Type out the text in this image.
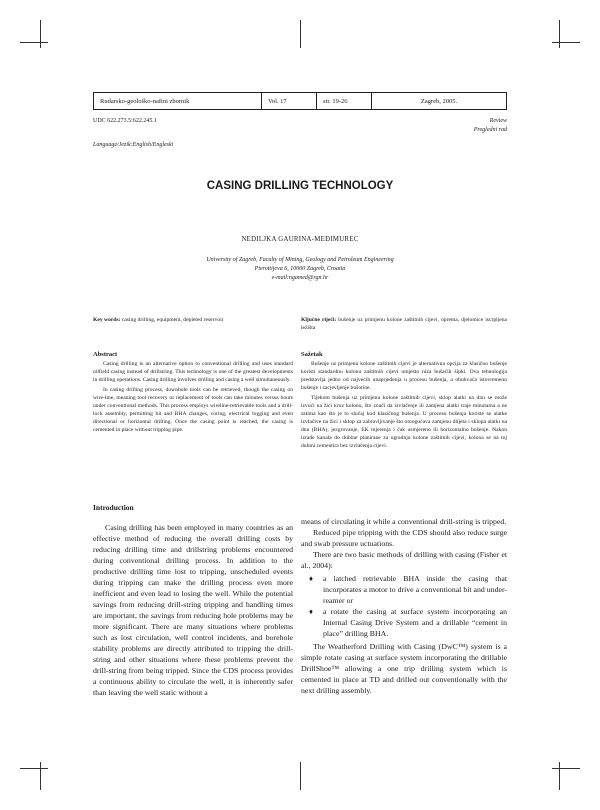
Rudarsko-geološko-naftni zbornik	Vol. 17	str. 19-26	Zagreb, 2005.
UDC 622.273.5:622.245.1	Review
Pregledni rad
Language/Jezik:English/Engleski
CASING DRILLING TECHNOLOGY
NEDILJKA GAURINA-MEĐIMUREC
University of Zagreb, Faculty of Mining, Geology and Petroleum Engineering
Pierottijeva 6, 10000 Zagreb, Croatia
e-mail:ngamed@rgn.hr
Key words: casing drilling, equipment, depleted reservoir	Ključne riječi: bušenje uz primjenu kolone zaštitnih cijevi, oprema, djelomice iscrpljena ležišta
Abstract

Casing drilling is an alternative option to conventional drilling and uses standard oilfield casing instead of drillstring. This technology is one of the greatest developments in drilling operations. Casing drilling involves drilling and casing a well simultaneously.

In casing drilling process, downhole tools can be retrieved, though the casing on wire-line, meaning tool recovery or replacement of tools can take minutes versus hours under conventional methods. This process employs wireline-retrievable tools and a drill-lock assembly, permitting bit and BHA changes, coring, electrical logging and even directional or horizontal drilling. Once the casing point is reached, the casing is cemented in place without tripping pipe.

Sažetak

Bušenje uz primjenu kolone zaštitnih cijevi je alternativna opcija za klasično bušenje koristi standardnu kolonu zaštitnih cijevi umjesto niza bušaćih šipki. Ova tehnologija predstavlja jedno od najvećih unaprjeđenja u procesu bušenja, a obuhvaća istovremeno bušenje i zacjevljenje bušotine.

Tijekom bušenja uz primjenu kolone zaštitnih cijevi, sklop alatki na dnu se može izvući na žici kroz kolonu, što znači da izvlačenje ili zamjena alatki traje minutama a ne satima kao što je to slučaj kod klasičnog bušenja. U procesu bušenja koriste se alatke izvlačive na žici i sklop za zabravljivanje što omogućava zamjenu dlijeta i sklopa alatki na dnu (BHA), jezgrovanje, EK mjerenja i čak usmjereno ili horizontalno bušenje. Nakon izrade kanala do dubine planirane za ugradnju kolone zaštitnih cijevi, kolona se na toj dubini cementira bez izvlačenja cijevi.

Introduction
Casing drilling has been employed in many countries as an effective method of reducing the overall drilling costs by reducing drilling time and drillstring problems encountered during conventional drilling process. In addition to the productive drilling time lost to tripping, unscheduled events during tripping can make the drilling process even more inefficient and even lead to losing the well. While the potential savings from reducing drill-string tripping and handling times are important, the savings from reducing hole problems may be more significant. There are many situations where problems such as lost circulation, well control incidents, and borehole stability problems are directly attributed to tripping the drill-string and other situations where these problems prevent the drill-string from being tripped. Since the CDS process provides a continuous ability to circulate the well, it is inherently safer than leaving the well static without a

means of circulating it while a conventional drill-string is tripped.

Reduced pipe tripping with the CDS should also reduce surge and swab pressure uctuations.

There are two basic methods of drilling with casing (Fisher et al., 2004):

♦ a latched retrievable BHA inside the casing that incorporates a motor to drive a conventional bit and under-reamer or
♦ a rotate the casing at surface system incorporating an Internal Casing Drive System and a drillable “cement in place” drilling BHA.

The Weatherford Drilling with Casing (DwC™) system is a simple rotate casing at surface system incorporating the drillable DrillShoe™ allowing a one trip drilling system which is cemented in place at TD and drilled out conventionally with the next drilling assembly.
